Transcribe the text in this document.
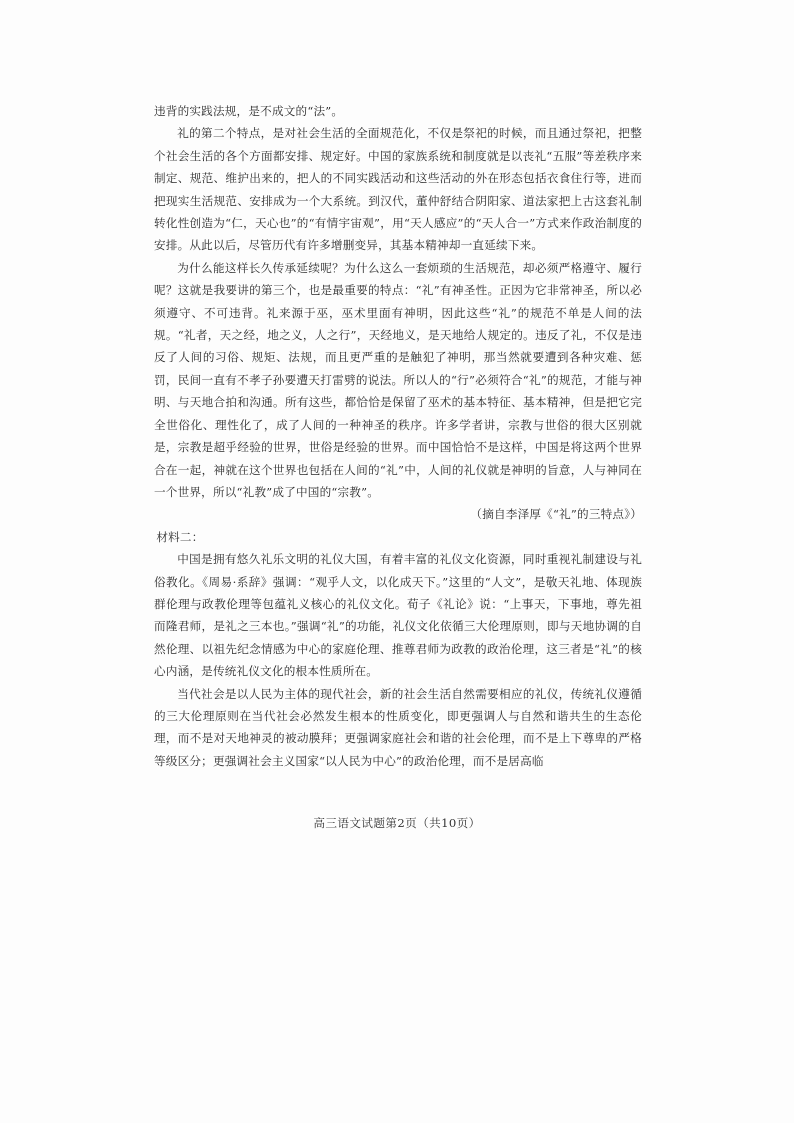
违背的实践法规，是不成文的“法”。

礼的第二个特点，是对社会生活的全面规范化，不仅是祭祀的时候，而且通过祭祀，把整个社会生活的各个方面都安排、规定好。中国的家族系统和制度就是以丧礼“五服”等差秩序来制定、规范、维护出来的，把人的不同实践活动和这些活动的外在形态包括衣食住行等，进而把现实生活规范、安排成为一个大系统。到汉代，董仲舒结合阴阳家、道法家把上古这套礼制转化性创造为“仁，天心也”的“有情宇宙观”，用“天人感应”的“天人合一”方式来作政治制度的安排。从此以后，尽管历代有许多增删变异，其基本精神却一直延续下来。

为什么能这样长久传承延续呢？为什么这么一套烦琐的生活规范，却必须严格遵守、履行呢？这就是我要讲的第三个，也是最重要的特点：“礼”有神圣性。正因为它非常神圣，所以必须遵守、不可违背。礼来源于巫，巫术里面有神明，因此这些“礼”的规范不单是人间的法规。“礼者，天之经，地之义，人之行”，天经地义，是天地给人规定的。违反了礼，不仅是违反了人间的习俗、规矩、法规，而且更严重的是触犯了神明，那当然就要遭到各种灾难、惩罚，民间一直有不孝子孙要遭天打雷劈的说法。所以人的“行”必须符合“礼”的规范，才能与神明、与天地合拍和沟通。所有这些，都恰恰是保留了巫术的基本特征、基本精神，但是把它完全世俗化、理性化了，成了人间的一种神圣的秩序。许多学者讲，宗教与世俗的很大区别就是，宗教是超乎经验的世界，世俗是经验的世界。而中国恰恰不是这样，中国是将这两个世界合在一起，神就在这个世界也包括在人间的“礼”中，人间的礼仪就是神明的旨意，人与神同在一个世界，所以“礼教”成了中国的“宗教”。

（摘自李泽厚《“礼”的三特点》）

材料二：

中国是拥有悠久礼乐文明的礼仪大国，有着丰富的礼仪文化资源，同时重视礼制建设与礼俗教化。《周易·系辞》强调：“观乎人文，以化成天下。”这里的“人文”，是敬天礼地、体现族群伦理与政教伦理等包蕴礼义核心的礼仪文化。荀子《礼论》说：“上事天，下事地，尊先祖而隆君师，是礼之三本也。”强调“礼”的功能，礼仪文化依循三大伦理原则，即与天地协调的自然伦理、以祖先纪念情感为中心的家庭伦理、推尊君师为政教的政治伦理，这三者是“礼”的核心内涵，是传统礼仪文化的根本性质所在。

当代社会是以人民为主体的现代社会，新的社会生活自然需要相应的礼仪，传统礼仪遵循的三大伦理原则在当代社会必然发生根本的性质变化，即更强调人与自然和谐共生的生态伦理，而不是对天地神灵的被动膜拜；更强调家庭社会和谐的社会伦理，而不是上下尊卑的严格等级区分；更强调社会主义国家“以人民为中心”的政治伦理，而不是居高临

高三语文试题第2页（共10页）
